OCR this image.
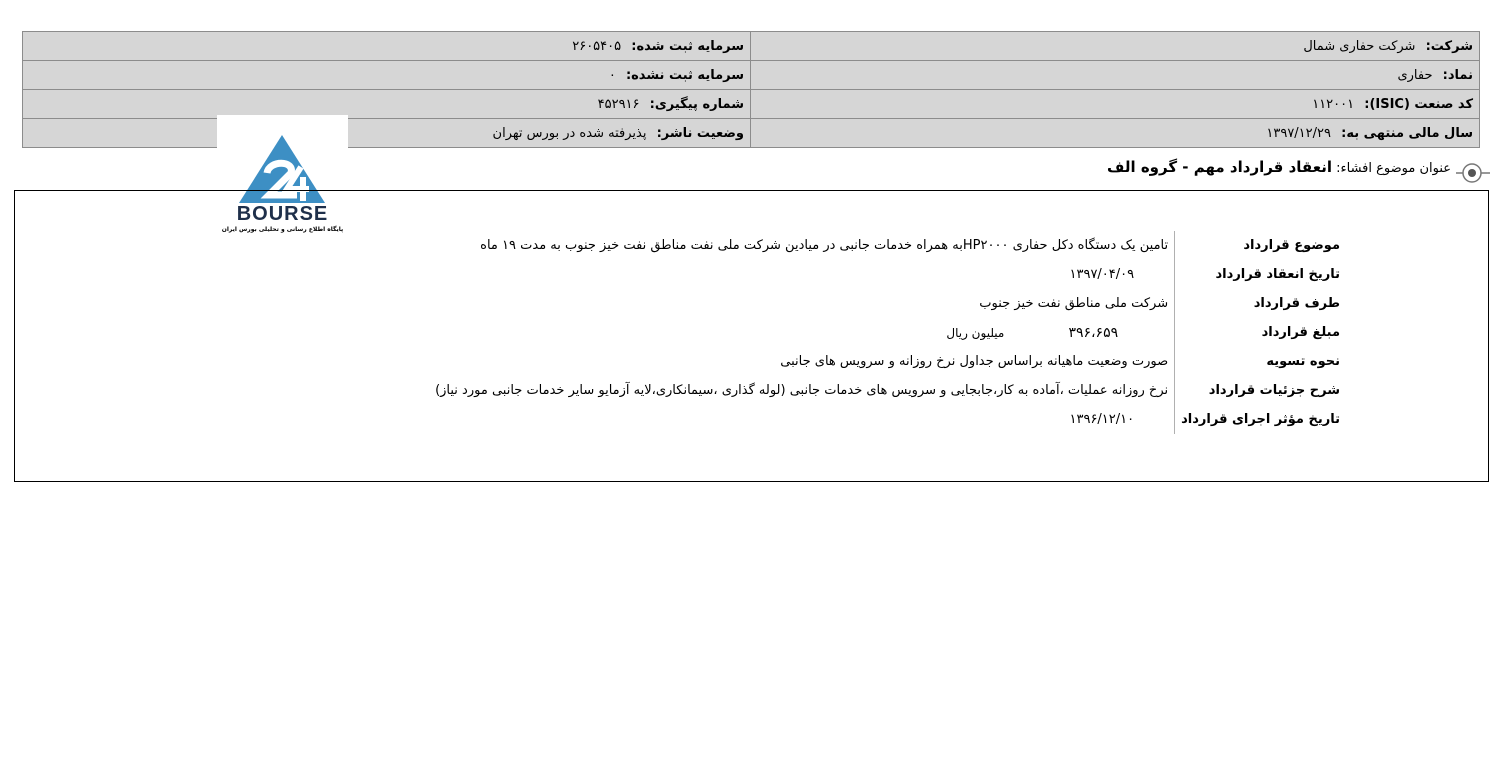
شرکت: شرکت حفاری شمال	سرمایه ثبت شده: ۲۶۰۵۴۰۵
نماد: حفاری	سرمایه ثبت نشده: ۰
کد صنعت (ISIC): ۱۱۲۰۰۱	شماره پیگیری: ۴۵۲۹۱۶
سال مالی منتهی به: ۱۳۹۷/۱۲/۲۹	وضعیت ناشر: پذیرفته شده در بورس تهران
BOURSE
پایگاه اطلاع رسانی و تحلیلی بورس ایران
عنوان موضوع افشاء: انعقاد قرارداد مهم - گروه الف
موضوع قرارداد	تامین یک دستگاه دکل حفاری HP۲۰۰۰به همراه خدمات جانبی در میادین شرکت ملی نفت مناطق نفت خیز جنوب به مدت ۱۹ ماه
تاریخ انعقاد قرارداد	۱۳۹۷/۰۴/۰۹
طرف قرارداد	شرکت ملی مناطق نفت خیز جنوب
مبلغ قرارداد	۳۹۶،۶۵۹ میلیون ریال
نحوه تسویه	صورت وضعیت ماهیانه براساس جداول نرخ روزانه و سرویس های جانبی
شرح جزئیات قرارداد	نرخ روزانه عملیات ،آماده به کار،جابجایی و سرویس های خدمات جانبی (لوله گذاری ،سیمانکاری،لایه آزمایو سایر خدمات جانبی مورد نیاز)
تاریخ مؤثر اجرای قرارداد	۱۳۹۶/۱۲/۱۰
